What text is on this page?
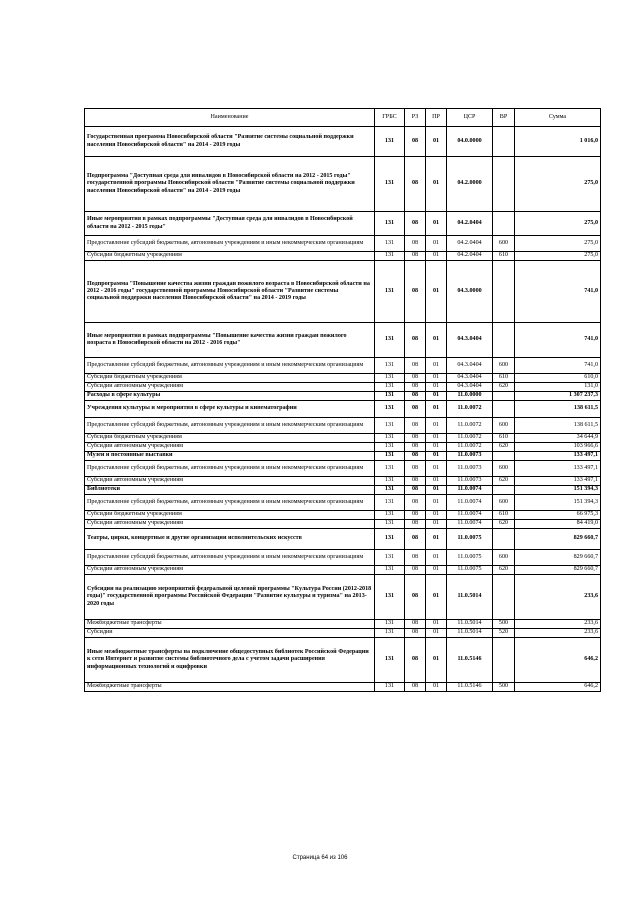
Наименование	ГРБС	РЗ	ПР	ЦСР	ВР	Сумма
Государственная программа Новосибирской области "Развитие системы социальной поддержки населения Новосибирской области" на 2014 - 2019 годы	131	08	01	04.0.0000		1 016,0
Подпрограмма "Доступная среда для инвалидов в Новосибирской области на 2012 - 2015 годы" государственной программы Новосибирской области "Развитие системы социальной поддержки населения Новосибирской области" на 2014 - 2019 годы	131	08	01	04.2.0000		275,0
Иные мероприятия в рамках подпрограммы "Доступная среда для инвалидов в Новосибирской области на 2012 - 2015 годы"	131	08	01	04.2.0404		275,0
Предоставление субсидий бюджетным, автономным учреждениям и иным некоммерческим организациям	131	08	01	04.2.0404	600	275,0
Субсидии бюджетным учреждениям	131	08	01	04.2.0404	610	275,0
Подпрограмма "Повышение качества жизни граждан пожилого возраста в Новосибирской области на 2012 - 2016 годы" государственной программы Новосибирской области "Развитие системы социальной поддержки населения Новосибирской области" на 2014 - 2019 годы	131	08	01	04.3.0000		741,0
Иные мероприятия в рамках подпрограммы "Повышение качества жизни граждан пожилого возраста в Новосибирской области на 2012 - 2016 годы"	131	08	01	04.3.0404		741,0
Предоставление субсидий бюджетным, автономным учреждениям и иным некоммерческим организациям	131	08	01	04.3.0404	600	741,0
Субсидии бюджетным учреждениям	131	08	01	04.3.0404	610	610,0
Субсидии автономным учреждениям	131	08	01	04.3.0404	620	131,0
Расходы в сфере культуры	131	08	01	11.0.0000		1 307 237,3
Учреждения культуры и мероприятия в сфере культуры и кинематографии	131	08	01	11.0.0072		138 611,5
Предоставление субсидий бюджетным, автономным учреждениям и иным некоммерческим организациям	131	08	01	11.0.0072	600	138 611,5
Субсидии бюджетным учреждениям	131	08	01	11.0.0072	610	34 644,9
Субсидии автономным учреждениям	131	08	01	11.0.0072	620	103 966,6
Музеи и постоянные выставки	131	08	01	11.0.0073		133 497,1
Предоставление субсидий бюджетным, автономным учреждениям и иным некоммерческим организациям	131	08	01	11.0.0073	600	133 497,1
Субсидии автономным учреждениям	131	08	01	11.0.0073	620	133 497,1
Библиотеки	131	08	01	11.0.0074		151 394,3
Предоставление субсидий бюджетным, автономным учреждениям и иным некоммерческим организациям	131	08	01	11.0.0074	600	151 394,3
Субсидии бюджетным учреждениям	131	08	01	11.0.0074	610	66 975,3
Субсидии автономным учреждениям	131	08	01	11.0.0074	620	84 419,0
Театры, цирки, концертные и другие организации исполнительских искусств	131	08	01	11.0.0075		829 660,7
Предоставление субсидий бюджетным, автономным учреждениям и иным некоммерческим организациям	131	08	01	11.0.0075	600	829 660,7
Субсидии автономным учреждениям	131	08	01	11.0.0075	620	829 660,7
Субсидии на реализацию мероприятий федеральной целевой программы "Культура России (2012-2018 годы)" государственной программы Российской Федерации "Развитие культуры и туризма" на 2013-2020 годы	131	08	01	11.0.5014		233,6
Межбюджетные трансферты	131	08	01	11.0.5014	500	233,6
Субсидии	131	08	01	11.0.5014	520	233,6
Иные межбюджетные трансферты на подключение общедоступных библиотек Российской Федерации к сети Интернет и развитие системы библиотечного дела с учетом задачи расширения информационных технологий и оцифровки	131	08	01	11.0.5146		646,2
Межбюджетные трансферты	131	08	01	11.0.5146	500	646,2
Страница 64 из 106
